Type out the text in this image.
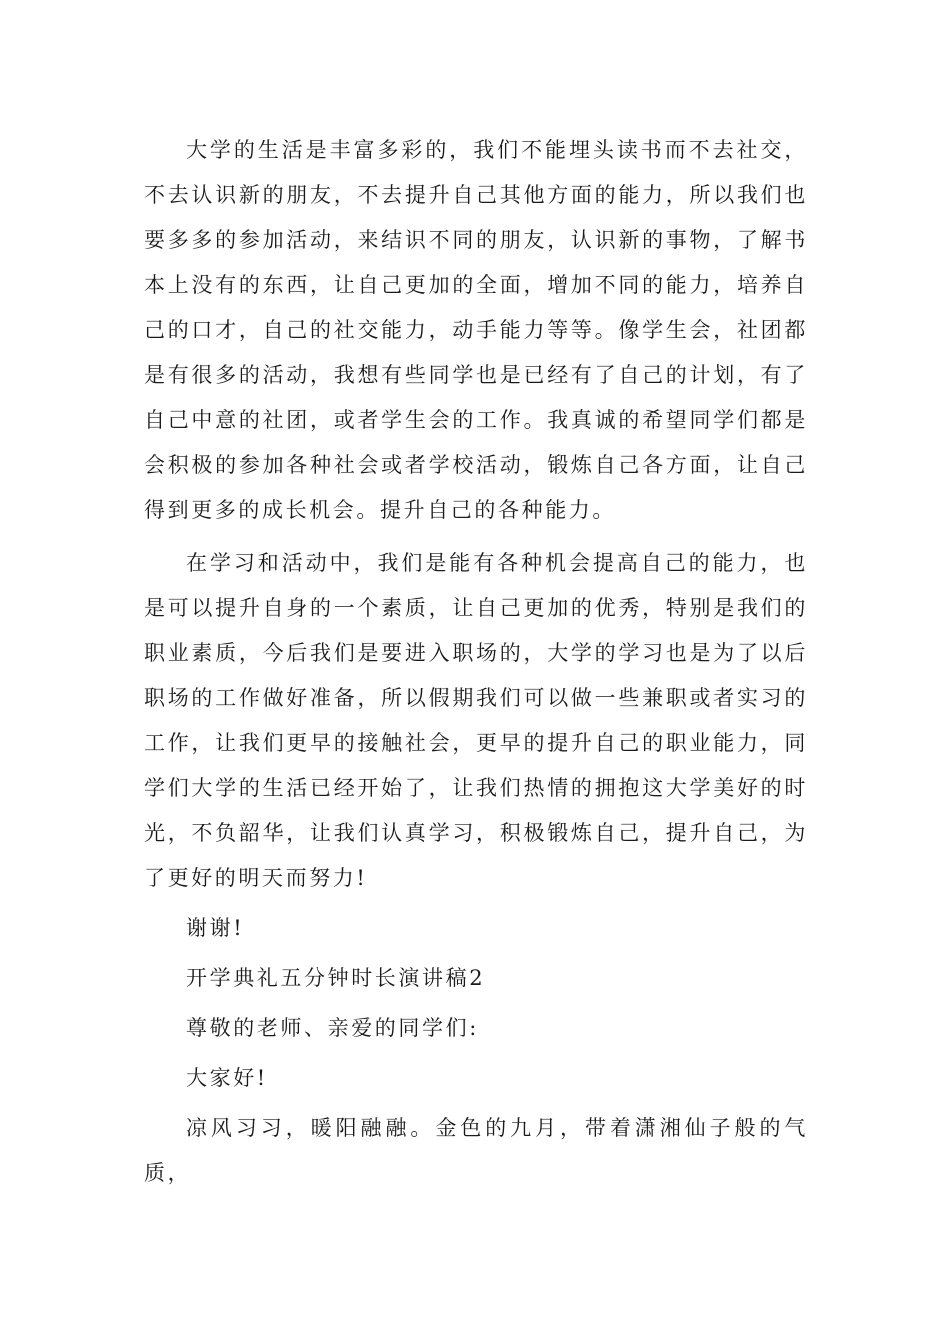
大学的生活是丰富多彩的，我们不能埋头读书而不去社交，不去认识新的朋友，不去提升自己其他方面的能力，所以我们也要多多的参加活动，来结识不同的朋友，认识新的事物，了解书本上没有的东西，让自己更加的全面，增加不同的能力，培养自己的口才，自己的社交能力，动手能力等等。像学生会，社团都是有很多的活动，我想有些同学也是已经有了自己的计划，有了自己中意的社团，或者学生会的工作。我真诚的希望同学们都是会积极的参加各种社会或者学校活动，锻炼自己各方面，让自己得到更多的成长机会。提升自己的各种能力。

在学习和活动中，我们是能有各种机会提高自己的能力，也是可以提升自身的一个素质，让自己更加的优秀，特别是我们的职业素质，今后我们是要进入职场的，大学的学习也是为了以后职场的工作做好准备，所以假期我们可以做一些兼职或者实习的工作，让我们更早的接触社会，更早的提升自己的职业能力，同学们大学的生活已经开始了，让我们热情的拥抱这大学美好的时光，不负韶华，让我们认真学习，积极锻炼自己，提升自己，为了更好的明天而努力!

谢谢!

开学典礼五分钟时长演讲稿2

尊敬的老师、亲爱的同学们:

大家好!

凉风习习，暖阳融融。金色的九月，带着潇湘仙子般的气质，
